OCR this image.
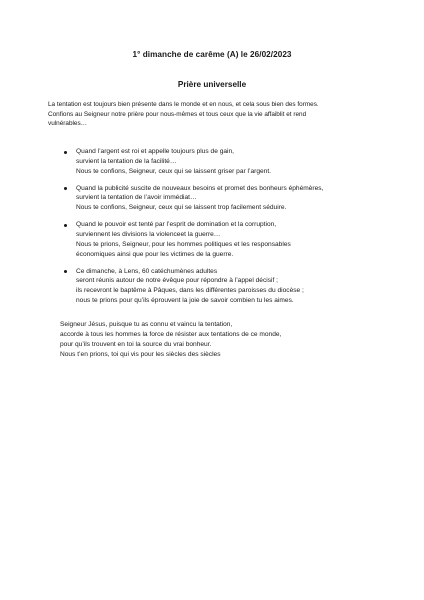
1° dimanche de carême (A) le 26/02/2023
Prière universelle
La tentation est toujours bien présente dans le monde et en nous, et cela sous bien des formes.
Confions au Seigneur notre prière pour nous-mêmes et tous ceux que la vie affaiblit et rend
vulnérables…
Quand l’argent est roi et appelle toujours plus de gain,
survient la tentation de la facilité…
Nous te confions, Seigneur, ceux qui se laissent griser par l’argent.
Quand la publicité suscite de nouveaux besoins et promet des bonheurs éphémères,
survient la tentation de l’avoir immédiat…
Nous te confions, Seigneur, ceux qui se laissent trop facilement séduire.
Quand le pouvoir est tenté par l’esprit de domination et la corruption,
surviennent les divisions la violenceet la guerre…
Nous te prions, Seigneur, pour les hommes politiques et les responsables
économiques ainsi que pour les victimes de la guerre.
Ce dimanche, à Lens, 60 catéchumènes adultes
seront réunis autour de notre évêque pour répondre à l’appel décisif ;
ils recevront le baptême à Pâques, dans les différentes paroisses du diocèse ;
nous te prions pour qu’ils éprouvent la joie de savoir combien tu les aimes.
Seigneur Jésus, puisque tu as connu et vaincu la tentation,
accorde à tous les hommes la force de résister aux tentations de ce monde,
pour qu’ils trouvent en toi la source du vrai bonheur.
Nous t’en prions, toi qui vis pour les siècles des siècles
